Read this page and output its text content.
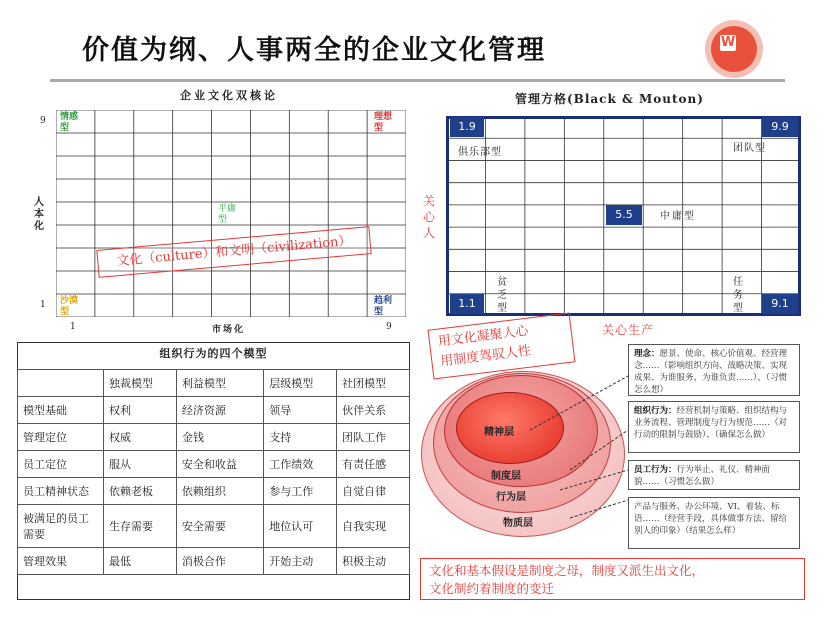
价值为纲、人事两全的企业文化管理	W
企业文化双核论
情感型
理想型
沙漠型
趋利型
平庸型
9
1
1	9
人本化
市场化
文化（culture）和文明（civilization）
管理方格(Black & Mouton)
1.9	9.9
5.5
1.1	9.1
俱乐部型	团队型
中庸型
贫乏型
任务型
关心人
关心生产
组织行为的四个模型
	独裁模型	利益模型	层级模型	社团模型
模型基础	权利	经济资源	领导	伙伴关系
管理定位	权威	金钱	支持	团队工作
员工定位	服从	安全和收益	工作绩效	有责任感
员工精神状态	依赖老板	依赖组织	参与工作	自觉自律
被满足的员工需要	生存需要	安全需要	地位认可	自我实现
管理效果	最低	消极合作	开始主动	积极主动
用文化凝聚人心
用制度驾驭人性
精神层
制度层
行为层
物质层
理念：愿景、使命、核心价值观、经营理念……（影响组织方向、战略决策、实现成果、为谁服务、为谁负责……）、（习惯怎么想）
组织行为：经营机制与策略、组织结构与业务流程、管理制度与行为规范……（对行动的限制与鼓励）、（确保怎么做）
员工行为：行为举止、礼仪、精神面貌……（习惯怎么做）
产品与服务、办公环境、VI、着装、标语……（经营手段，具体做事方法、留给别人的印象）（结果怎么样）
文化和基本假设是制度之母，制度又派生出文化，
文化制约着制度的变迁
